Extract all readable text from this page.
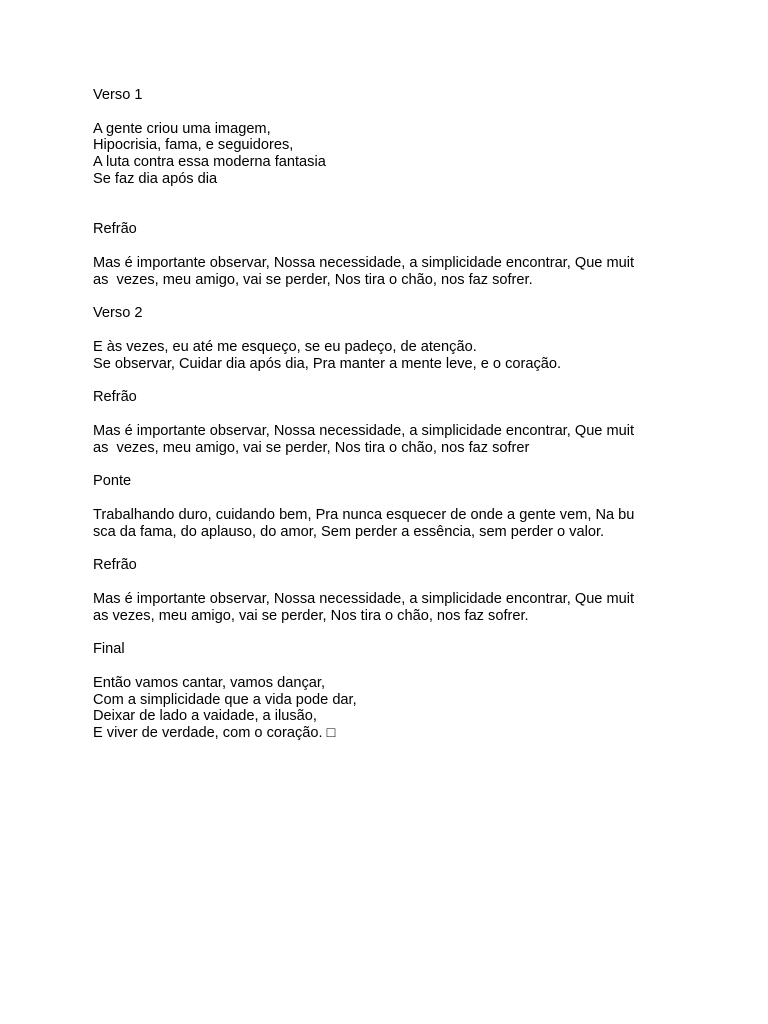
Verso 1
A gente criou uma imagem,
Hipocrisia, fama, e seguidores,
A luta contra essa moderna fantasia
Se faz dia após dia
Refrão
Mas é importante observar, Nossa necessidade, a simplicidade encontrar, Que muit
as  vezes, meu amigo, vai se perder, Nos tira o chão, nos faz sofrer.
Verso 2
E às vezes, eu até me esqueço, se eu padeço, de atenção.
Se observar, Cuidar dia após dia, Pra manter a mente leve, e o coração.
Refrão
Mas é importante observar, Nossa necessidade, a simplicidade encontrar, Que muit
as  vezes, meu amigo, vai se perder, Nos tira o chão, nos faz sofrer
Ponte
Trabalhando duro, cuidando bem, Pra nunca esquecer de onde a gente vem, Na bu
sca da fama, do aplauso, do amor, Sem perder a essência, sem perder o valor.
Refrão
Mas é importante observar, Nossa necessidade, a simplicidade encontrar, Que muit
as vezes, meu amigo, vai se perder, Nos tira o chão, nos faz sofrer.
Final
Então vamos cantar, vamos dançar,
Com a simplicidade que a vida pode dar,
Deixar de lado a vaidade, a ilusão,
E viver de verdade, com o coração. □
